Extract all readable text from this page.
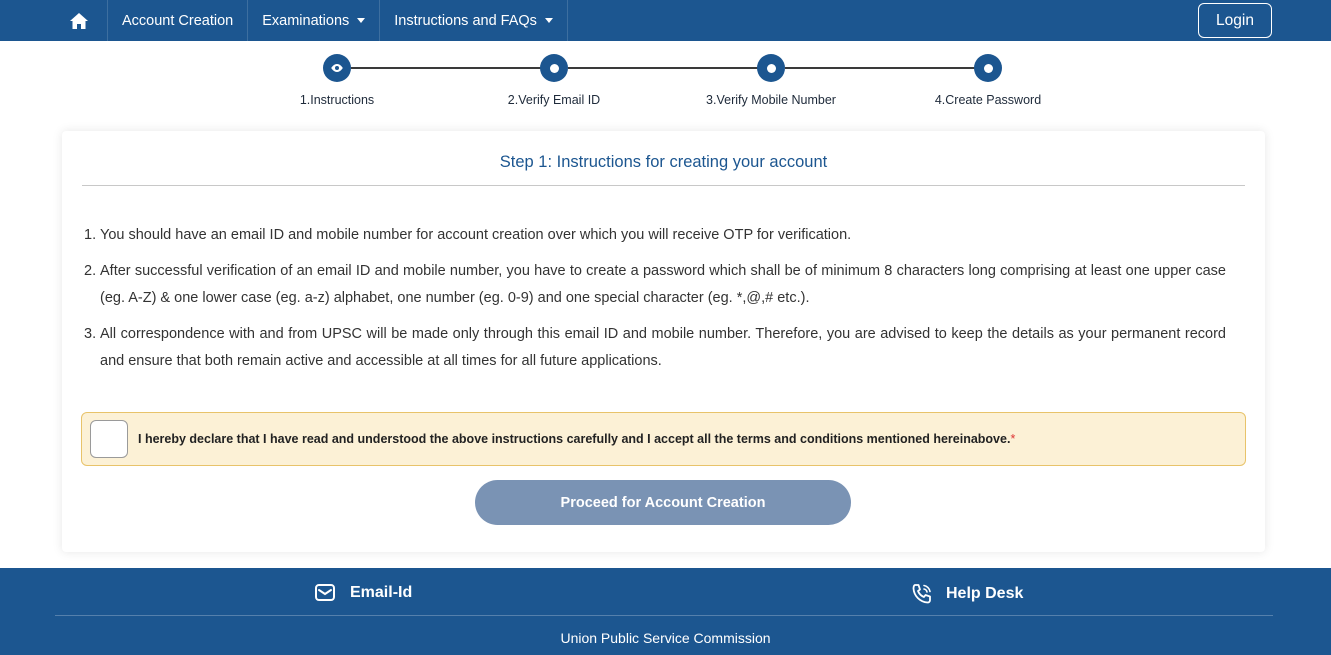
Account Creation Examinations	Instructions and FAQs	Login
1.Instructions	2.Verify Email ID	3.Verify Mobile Number	4.Create Password
Step 1: Instructions for creating your account
1. You should have an email ID and mobile number for account creation over which you will receive OTP for verification.
2. After successful verification of an email ID and mobile number, you have to create a password which shall be of minimum 8 characters long comprising at least one upper case (eg. A-Z) & one lower case (eg. a-z) alphabet, one number (eg. 0-9) and one special character (eg. *,@,# etc.).
3. All correspondence with and from UPSC will be made only through this email ID and mobile number. Therefore, you are advised to keep the details as your permanent record and ensure that both remain active and accessible at all times for all future applications.
I hereby declare that I have read and understood the above instructions carefully and I accept all the terms and conditions mentioned hereinabove.*
Proceed for Account Creation
Email-Id	Help Desk
Union Public Service Commission
